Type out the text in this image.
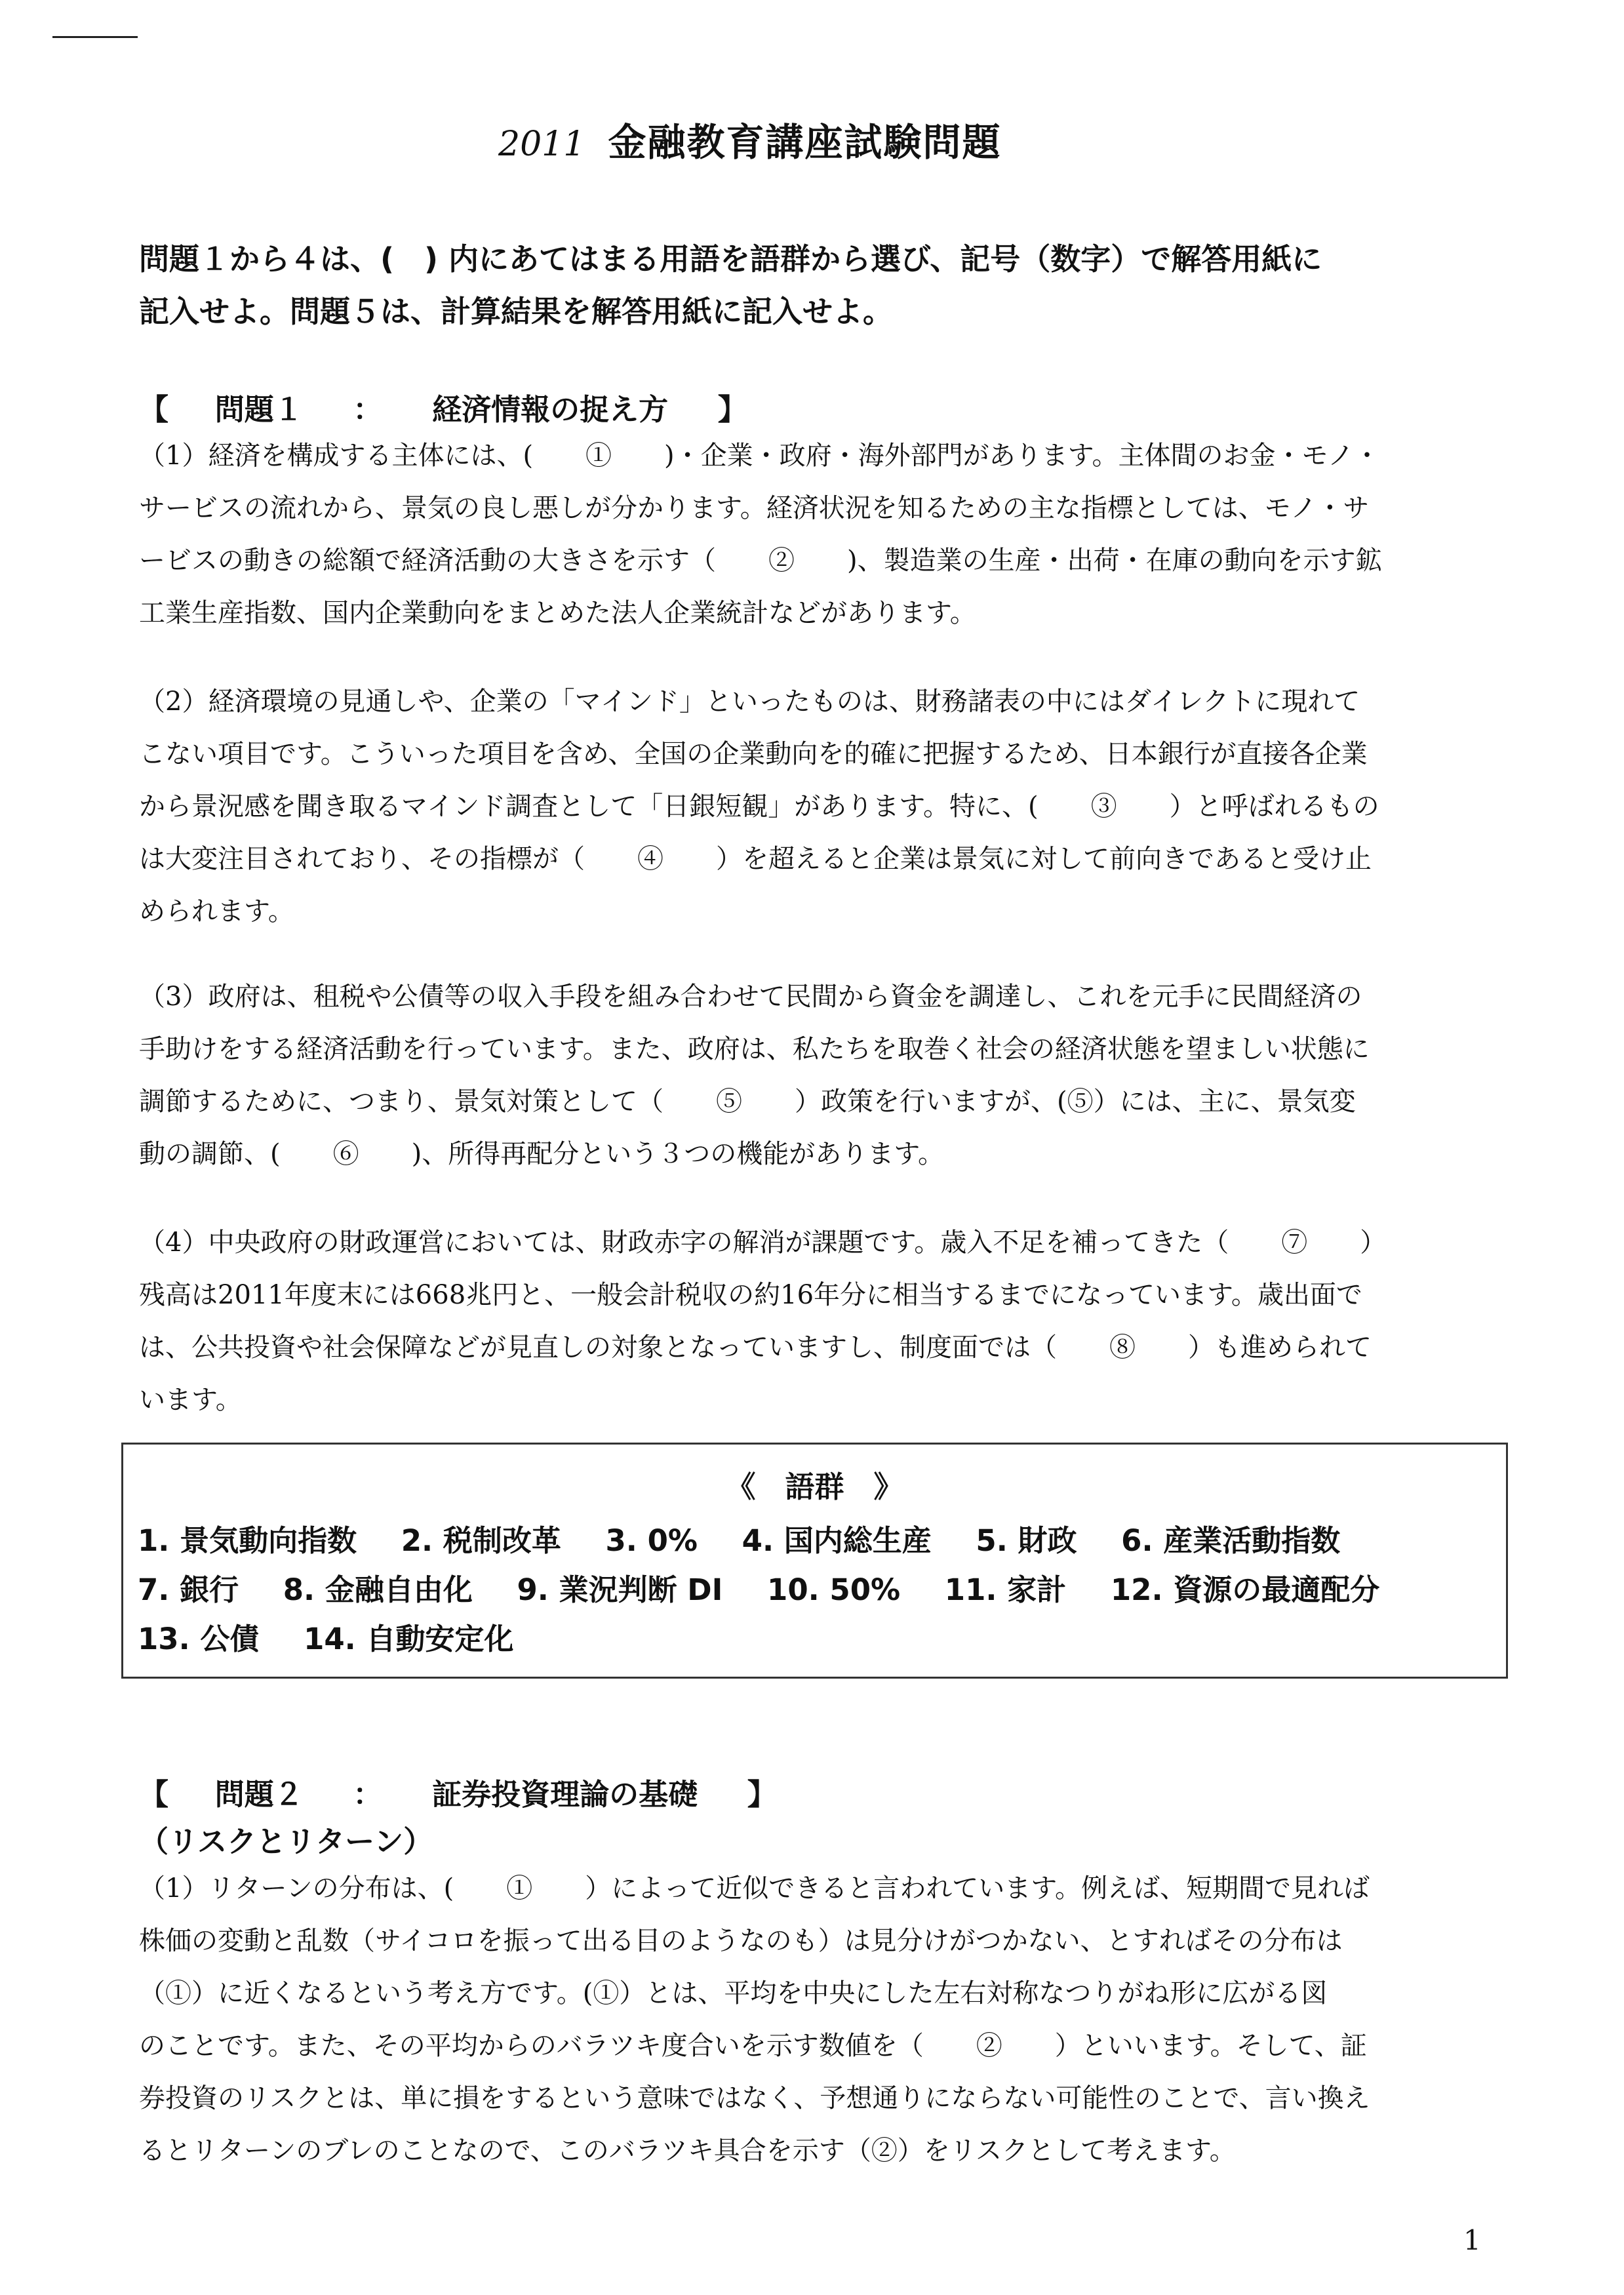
2011 金融教育講座試験問題
問題１から４は、(　) 内にあてはまる用語を語群から選び、記号（数字）で解答用紙に
記入せよ。問題５は、計算結果を解答用紙に記入せよ。
【 問題１ ： 経済情報の捉え方 】
（1）経済を構成する主体には、(　　①　　)・企業・政府・海外部門があります。主体間のお金・モノ・
サービスの流れから、景気の良し悪しが分かります。経済状況を知るための主な指標としては、モノ・サ
ービスの動きの総額で経済活動の大きさを示す（　　②　　)、製造業の生産・出荷・在庫の動向を示す鉱
工業生産指数、国内企業動向をまとめた法人企業統計などがあります。
（2）経済環境の見通しや、企業の「マインド」といったものは、財務諸表の中にはダイレクトに現れて
こない項目です。こういった項目を含め、全国の企業動向を的確に把握するため、日本銀行が直接各企業
から景況感を聞き取るマインド調査として「日銀短観」があります。特に、(　　③　　）と呼ばれるもの
は大変注目されており、その指標が（　　④　　）を超えると企業は景気に対して前向きであると受け止
められます。
（3）政府は、租税や公債等の収入手段を組み合わせて民間から資金を調達し、これを元手に民間経済の
手助けをする経済活動を行っています。また、政府は、私たちを取巻く社会の経済状態を望ましい状態に
調節するために、つまり、景気対策として（　　⑤　　）政策を行いますが、(⑤）には、主に、景気変
動の調節、(　　⑥　　)、所得再配分という３つの機能があります。
（4）中央政府の財政運営においては、財政赤字の解消が課題です。歳入不足を補ってきた（　　⑦　　）
残高は2011年度末には668兆円と、一般会計税収の約16年分に相当するまでになっています。歳出面で
は、公共投資や社会保障などが見直しの対象となっていますし、制度面では（　　⑧　　）も進められて
います。
《　語群　》
1. 景気動向指数 2. 税制改革 3. 0% 4. 国内総生産 5. 財政 6. 産業活動指数
7. 銀行 8. 金融自由化 9. 業況判断 DI 10. 50% 11. 家計 12. 資源の最適配分
13. 公債 14. 自動安定化
【 問題２ ： 証券投資理論の基礎 】
（リスクとリターン）
（1）リターンの分布は、(　　①　　）によって近似できると言われています。例えば、短期間で見れば
株価の変動と乱数（サイコロを振って出る目のようなのも）は見分けがつかない、とすればその分布は
（①）に近くなるという考え方です。(①）とは、平均を中央にした左右対称なつりがね形に広がる図
のことです。また、その平均からのバラツキ度合いを示す数値を（　　②　　）といいます。そして、証
券投資のリスクとは、単に損をするという意味ではなく、予想通りにならない可能性のことで、言い換え
るとリターンのブレのことなので、このバラツキ具合を示す（②）をリスクとして考えます。
1
